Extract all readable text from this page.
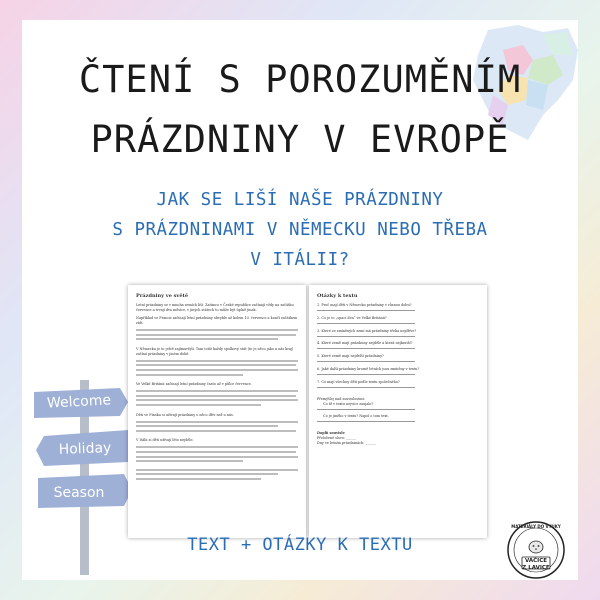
ČTENÍ S POROZUMĚNÍM
PRÁZDNINY V EVROPĚ
JAK SE LIŠÍ NAŠE PRÁZDNINY
S PRÁZDNINAMI V NĚMECKU NEBO TŘEBA
V ITÁLII?
Welcome
Holiday
Season
Prázdniny ve světě
Letní prázdniny se v mnoha zemích liší. Zatímco v České republice začínají vždy na začátku července a trvají dva měsíce, v jiných státech to může být úplně jinak.
Například ve Francii začínají letní prázdniny obvykle až kolem 10. července a končí začátkem září.
V Německu je to ještě zajímavější. Tam totiž každý spolkový stát (to je něco jako u nás kraj) začíná prázdniny v jiném době.
Ve Velké Británii začínají letní prázdniny často až v půlce července.
Děti ve Finsku si užívají prázdniny o něco dřív než u nás.
V Itálii si děti užívají léto nejdéle.
Otázky k textu
1. Proč mají děti v Německu prázdniny v různou dobu?
2. Co je to „spací den“ ve Velké Británii?
3. Které ze zmíněných zemí má prázdniny třeba nejdříve?
4. Které země mají prázdniny nejdéle a která nejkratší?
5. Které země mají nejdelší prázdniny?
6. Jaké další prázdniny kromě letních jsou zmíněny v textu?
7. Co mají všechny děti podle textu společného?
Přemýšlej nad souvislostmi:
Co tě v textu nejvíce zaujalo?
Co je jiného v textu? Napiš o tom text.
Doplň souvisle
Přeložené slovo: ______
Dny ve letním prázdninách: ______
TEXT + OTÁZKY K TEXTU
MATERIÁLY DO VÝUKY
VAČICE
Z LAVICE
